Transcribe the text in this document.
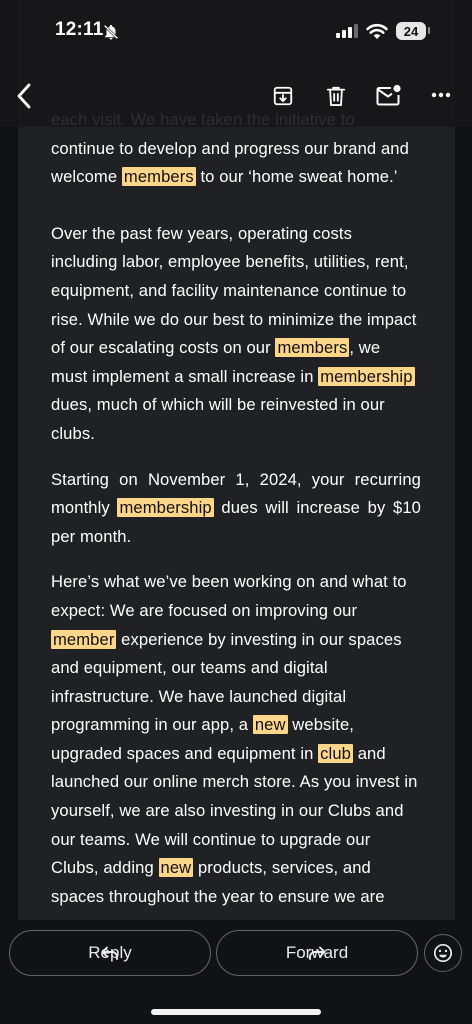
continue to develop and progress our brand and welcome members to our ‘home sweat home.’

Over the past few years, operating costs including labor, employee benefits, utilities, rent, equipment, and facility maintenance continue to rise. While we do our best to minimize the impact of our escalating costs on our members , we must implement a small increase in membership dues, much of which will be reinvested in our clubs.

Starting on November 1, 2024, your recurring monthly membership dues will increase by $10 per month.

Here’s what we’ve been working on and what to expect: We are focused on improving our member experience by investing in our spaces and equipment, our teams and digital infrastructure. We have launched digital programming in our app, a new website, upgraded spaces and equipment in club and launched our online merch store. As you invest in yourself, we are also investing in our Clubs and our teams. We will continue to upgrade our Clubs, adding new products, services, and spaces throughout the year to ensure we are

12:11	24
Reply	Forward
